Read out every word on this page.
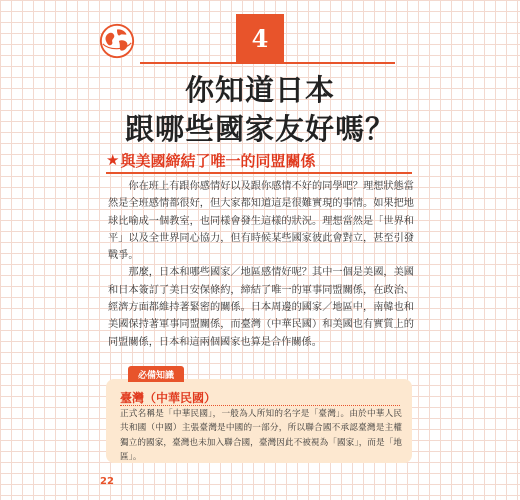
4
你知道日本
跟哪些國家友好嗎？
★ 與美國締結了唯一的同盟關係

你在班上有跟你感情好以及跟你感情不好的同學吧？理想狀態當然是全班感情都很好，但大家都知道這是很難實現的事情。如果把地球比喻成一個教室，也同樣會發生這樣的狀況。理想當然是「世界和平」以及全世界同心協力，但有時候某些國家彼此會對立，甚至引發戰爭。

那麼，日本和哪些國家／地區感情好呢？其中一個是美國，美國和日本簽訂了美日安保條約，締結了唯一的軍事同盟關係，在政治、經濟方面都維持著緊密的關係。日本周邊的國家／地區中，南韓也和美國保持著軍事同盟關係，而臺灣（中華民國）和美國也有實質上的同盟關係，日本和這兩個國家也算是合作關係。

必備知識
臺灣（中華民國）

正式名稱是「中華民國」，一般為人所知的名字是「臺灣」。由於中華人民共和國（中國）主張臺灣是中國的一部分，所以聯合國不承認臺灣是主權獨立的國家，臺灣也未加入聯合國，臺灣因此不被視為「國家」，而是「地區」。

22
